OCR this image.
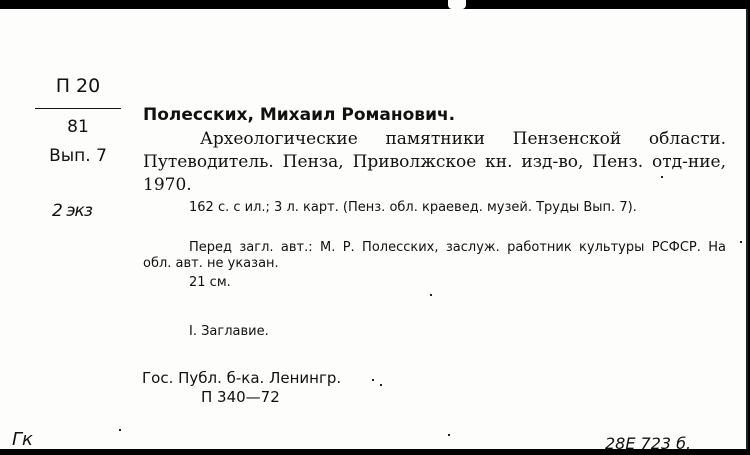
П 20
81
Вып. 7
2 экз
Полесских, Михаил Романович.
Археологические памятники Пензенской области. Путеводитель. Пенза, Приволжское кн. изд-во, Пенз. отд-ние, 1970.
162 с. с ил.; 3 л. карт. (Пенз. обл. краевед. музей. Труды Вып. 7).
Перед загл. авт.: М. Р. Полесских, заслуж. работник культуры РСФСР. На обл. авт. не указан.
21 см.
I. Заглавие.
Гос. Публ. б-ка. Ленингр.
П 340—72
Гк	28Е 723 б.
